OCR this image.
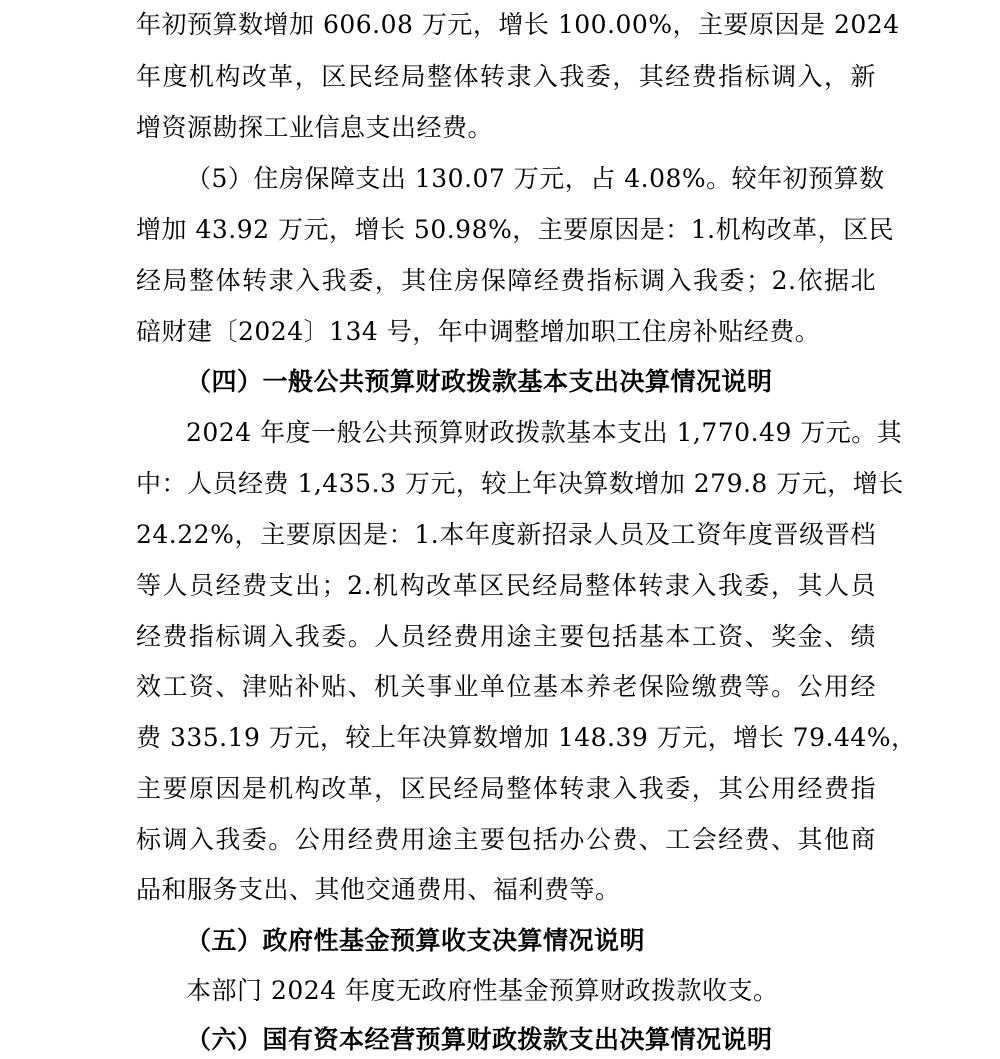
年初预算数增加 606.08 万元，增长 100.00%，主要原因是 2024
年度机构改革，区民经局整体转隶入我委，其经费指标调入，新
增资源勘探工业信息支出经费。
（5）住房保障支出 130.07 万元，占 4.08%。较年初预算数
增加 43.92 万元，增长 50.98%，主要原因是：1.机构改革，区民
经局整体转隶入我委，其住房保障经费指标调入我委；2.依据北
碚财建〔2024〕134 号，年中调整增加职工住房补贴经费。
（四）一般公共预算财政拨款基本支出决算情况说明
2024 年度一般公共预算财政拨款基本支出 1,770.49 万元。其
中：人员经费 1,435.3 万元，较上年决算数增加 279.8 万元，增长
24.22%，主要原因是：1.本年度新招录人员及工资年度晋级晋档
等人员经费支出；2.机构改革区民经局整体转隶入我委，其人员
经费指标调入我委。人员经费用途主要包括基本工资、奖金、绩
效工资、津贴补贴、机关事业单位基本养老保险缴费等。公用经
费 335.19 万元，较上年决算数增加 148.39 万元，增长 79.44%，
主要原因是机构改革，区民经局整体转隶入我委，其公用经费指
标调入我委。公用经费用途主要包括办公费、工会经费、其他商
品和服务支出、其他交通费用、福利费等。
（五）政府性基金预算收支决算情况说明
本部门 2024 年度无政府性基金预算财政拨款收支。
（六）国有资本经营预算财政拨款支出决算情况说明
